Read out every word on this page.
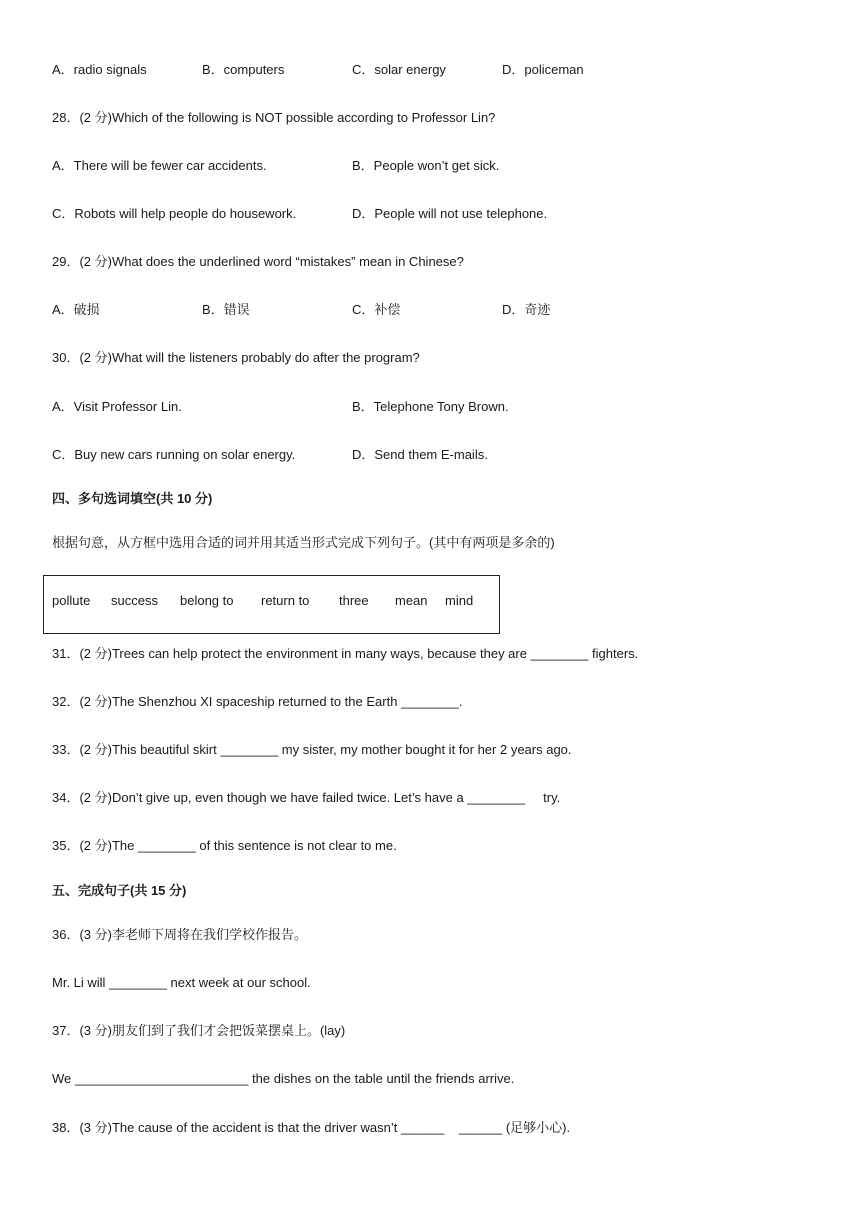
A．radio signals	B．computers	C．solar energy	D．policeman
28．(2 分)Which of the following is NOT possible according to Professor Lin?
A．There will be fewer car accidents.	B．People won’t get sick.
C．Robots will help people do housework.	D．People will not use telephone.
29．(2 分)What does the underlined word “mistakes” mean in Chinese?
A．破损	B．错误	C．补偿	D．奇迹
30．(2 分)What will the listeners probably do after the program?
A．Visit Professor Lin.	B．Telephone Tony Brown.
C．Buy new cars running on solar energy.	D．Send them E-mails.
四、多句选词填空(共 10 分)
根据句意，从方框中选用合适的词并用其适当形式完成下列句子。(其中有两项是多余的)
pollute success belong to return to three mean mind
31．(2 分)Trees can help protect the environment in many ways, because they are ________ fighters.
32．(2 分)The Shenzhou XI spaceship returned to the Earth ________.
33．(2 分)This beautiful skirt ________ my sister, my mother bought it for her 2 years ago.
34．(2 分)Don’t give up, even though we have failed twice. Let’s have a ________     try.
35．(2 分)The ________ of this sentence is not clear to me.
五、完成句子(共 15 分)
36．(3 分)李老师下周将在我们学校作报告。
Mr. Li will ________ next week at our school.
37．(3 分)朋友们到了我们才会把饭菜摆桌上。(lay)
We ________________________ the dishes on the table until the friends arrive.
38．(3 分)The cause of the accident is that the driver wasn’t ______    ______ (足够小心).
